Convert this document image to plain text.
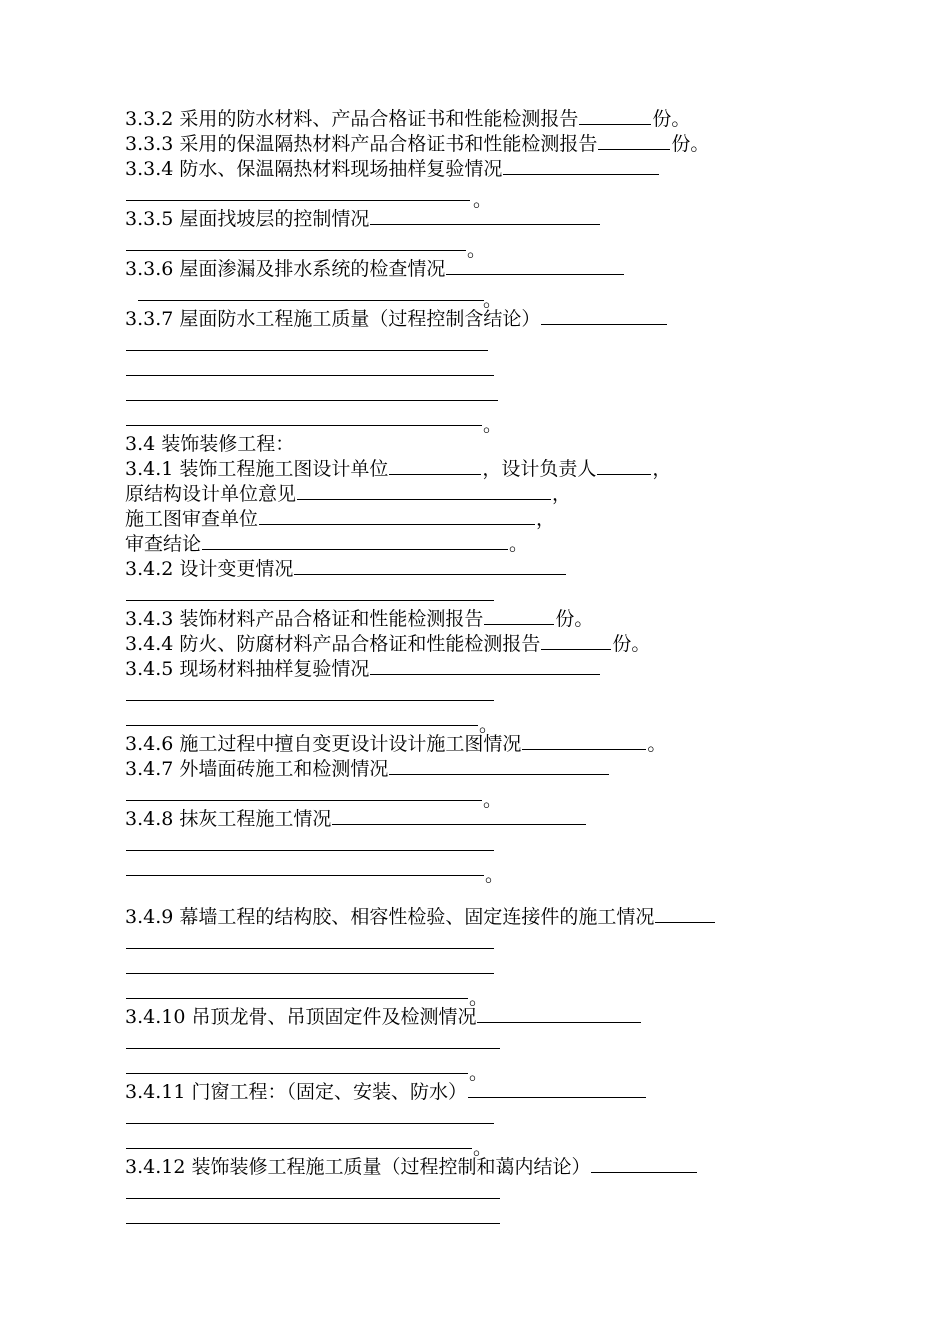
3.3.2 采用的防水材料、产品合格证书和性能检测报告	份。
3.3.3 采用的保温隔热材料产品合格证书和性能检测报告	份。
3.3.4 防水、保温隔热材料现场抽样复验情况
。
3.3.5 屋面找坡层的控制情况
。
3.3.6 屋面渗漏及排水系统的检查情况
。
3.3.7 屋面防水工程施工质量（过程控制含结论）
。
3.4 装饰装修工程：
3.4.1 装饰工程施工图设计单位	，设计负责人	，
原结构设计单位意见	，
施工图审查单位	，
审查结论	。
3.4.2 设计变更情况
3.4.3 装饰材料产品合格证和性能检测报告	份。
3.4.4 防火、防腐材料产品合格证和性能检测报告	份。
3.4.5 现场材料抽样复验情况
。
3.4.6 施工过程中擅自变更设计设计施工图情况	。
3.4.7 外墙面砖施工和检测情况
。
3.4.8 抹灰工程施工情况
。
3.4.9 幕墙工程的结构胶、相容性检验、固定连接件的施工情况
。
3.4.10 吊顶龙骨、吊顶固定件及检测情况
。
3.4.11 门窗工程：（固定、安装、防水）
。
3.4.12 装饰装修工程施工质量（过程控制和蔼内结论）
